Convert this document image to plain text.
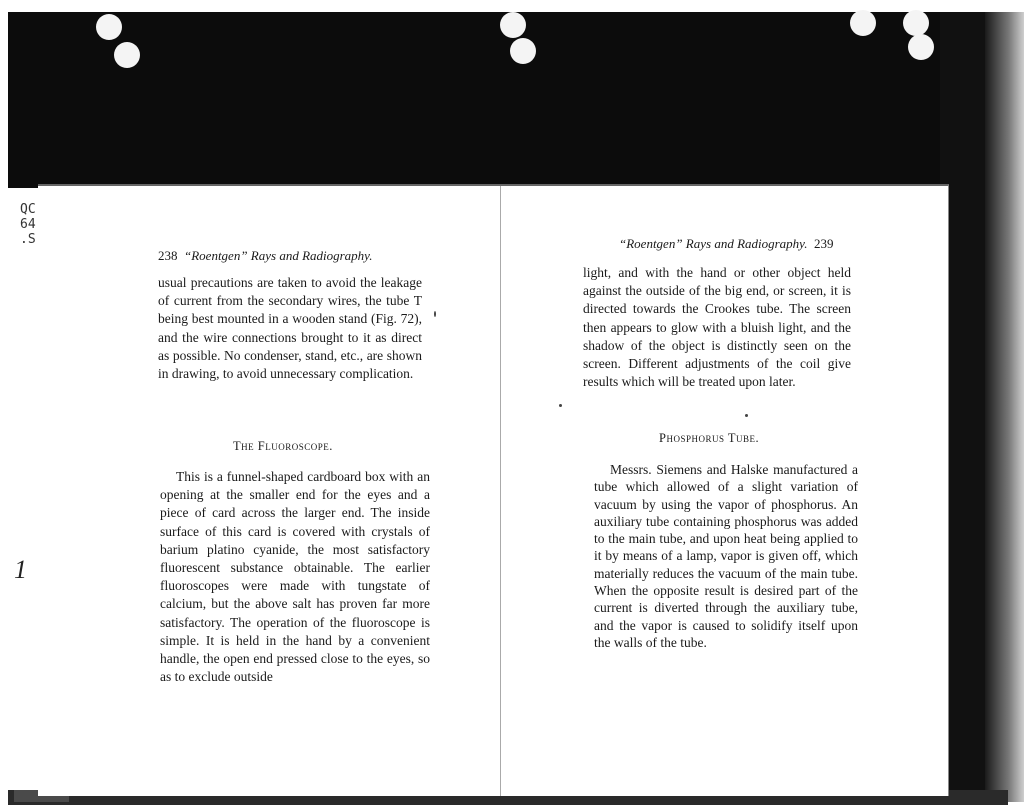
QC
64
.S
1
238 “Roentgen” Rays and Radiography.

usual precautions are taken to avoid the leakage of current from the secondary wires, the tube T being best mounted in a wooden stand (Fig. 72), and the wire connections brought to it as direct as possible. No condenser, stand, etc., are shown in drawing, to avoid unnecessary complication.

The Fluoroscope.

This is a funnel-shaped cardboard box with an opening at the smaller end for the eyes and a piece of card across the larger end. The inside surface of this card is covered with crystals of barium platino cyanide, the most satisfactory fluorescent substance obtainable. The earlier fluoroscopes were made with tungstate of calcium, but the above salt has proven far more satisfactory. The operation of the fluoroscope is simple. It is held in the hand by a convenient handle, the open end pressed close to the eyes, so as to exclude outside

“Roentgen” Rays and Radiography. 239

light, and with the hand or other object held against the outside of the big end, or screen, it is directed towards the Crookes tube. The screen then appears to glow with a bluish light, and the shadow of the object is distinctly seen on the screen. Different adjustments of the coil give results which will be treated upon later.

Phosphorus Tube.

Messrs. Siemens and Halske manufactured a tube which allowed of a slight variation of vacuum by using the vapor of phosphorus. An auxiliary tube containing phosphorus was added to the main tube, and upon heat being applied to it by means of a lamp, vapor is given off, which materially reduces the vacuum of the main tube. When the opposite result is desired part of the current is diverted through the auxiliary tube, and the vapor is caused to solidify itself upon the walls of the tube.
